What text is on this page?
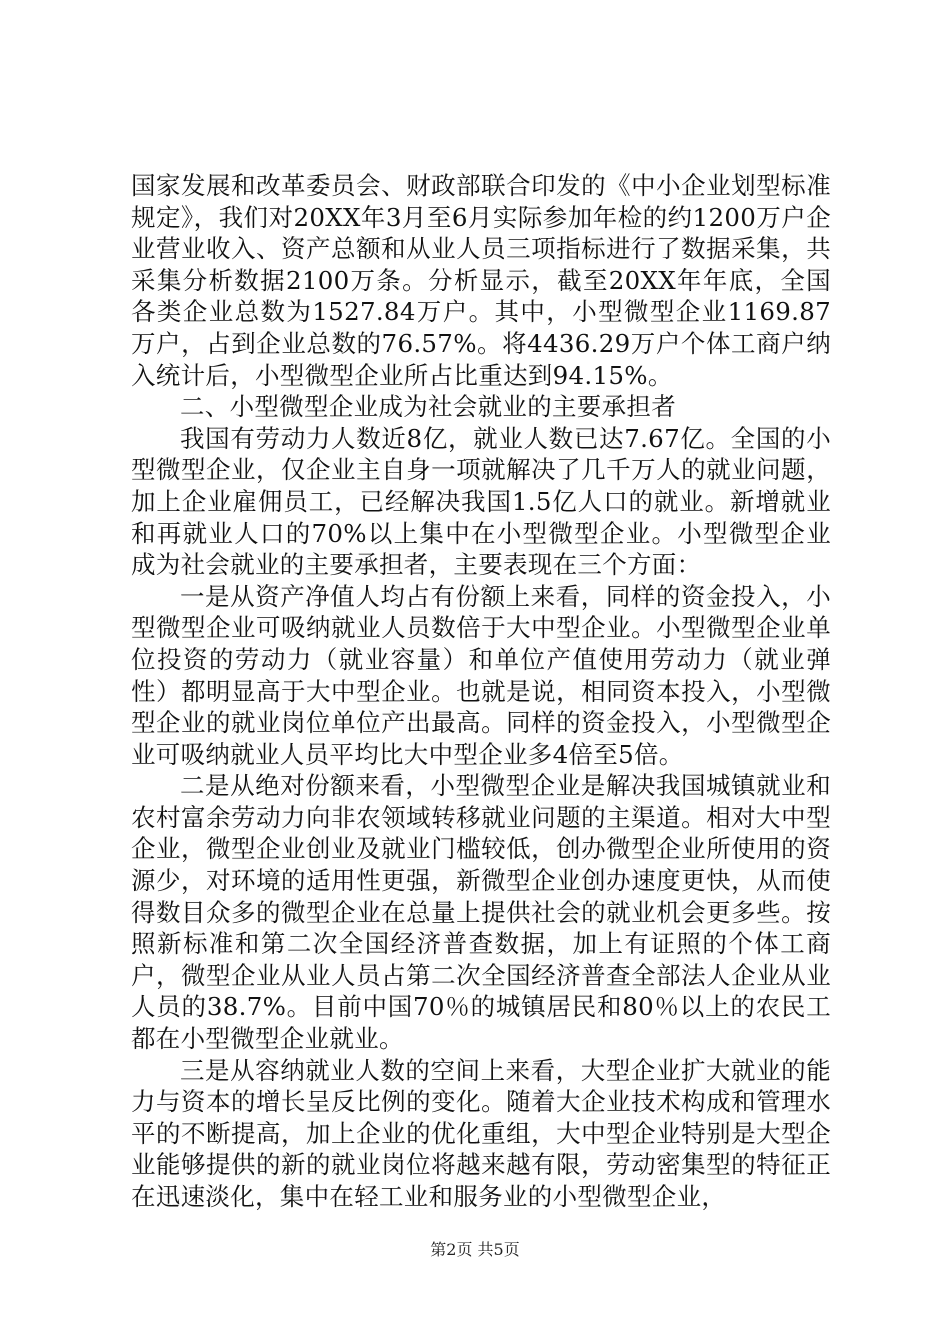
国家发展和改革委员会、财政部联合印发的《中小企业划型标准规定》，我们对20XX年3月至6月实际参加年检的约1200万户企业营业收入、资产总额和从业人员三项指标进行了数据采集，共采集分析数据2100万条。分析显示，截至20XX年年底，全国各类企业总数为1527.84万户。其中，小型微型企业1169.87万户，占到企业总数的76.57%。将4436.29万户个体工商户纳入统计后，小型微型企业所占比重达到94.15%。

二、小型微型企业成为社会就业的主要承担者

我国有劳动力人数近8亿，就业人数已达7.67亿。全国的小型微型企业，仅企业主自身一项就解决了几千万人的就业问题，加上企业雇佣员工，已经解决我国1.5亿人口的就业。新增就业和再就业人口的70%以上集中在小型微型企业。小型微型企业成为社会就业的主要承担者，主要表现在三个方面：

一是从资产净值人均占有份额上来看，同样的资金投入，小型微型企业可吸纳就业人员数倍于大中型企业。小型微型企业单位投资的劳动力（就业容量）和单位产值使用劳动力（就业弹性）都明显高于大中型企业。也就是说，相同资本投入，小型微型企业的就业岗位单位产出最高。同样的资金投入，小型微型企业可吸纳就业人员平均比大中型企业多4倍至5倍。

二是从绝对份额来看，小型微型企业是解决我国城镇就业和农村富余劳动力向非农领域转移就业问题的主渠道。相对大中型企业，微型企业创业及就业门槛较低，创办微型企业所使用的资源少，对环境的适用性更强，新微型企业创办速度更快，从而使得数目众多的微型企业在总量上提供社会的就业机会更多些。按照新标准和第二次全国经济普查数据，加上有证照的个体工商户，微型企业从业人员占第二次全国经济普查全部法人企业从业人员的38.7%。目前中国70％的城镇居民和80％以上的农民工都在小型微型企业就业。

三是从容纳就业人数的空间上来看，大型企业扩大就业的能力与资本的增长呈反比例的变化。随着大企业技术构成和管理水平的不断提高，加上企业的优化重组，大中型企业特别是大型企业能够提供的新的就业岗位将越来越有限，劳动密集型的特征正在迅速淡化，集中在轻工业和服务业的小型微型企业，

第2页 共5页
